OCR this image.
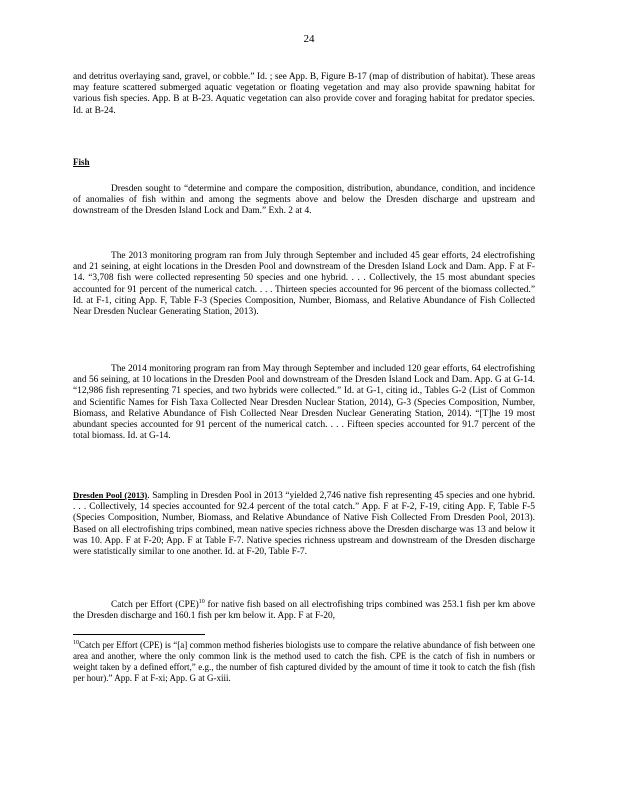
24
and detritus overlaying sand, gravel, or cobble.” Id. ; see App. B, Figure B-17 (map of distribution of habitat). These areas may feature scattered submerged aquatic vegetation or floating vegetation and may also provide spawning habitat for various fish species. App. B at B-23. Aquatic vegetation can also provide cover and foraging habitat for predator species. Id. at B-24.
Fish
Dresden sought to “determine and compare the composition, distribution, abundance, condition, and incidence of anomalies of fish within and among the segments above and below the Dresden discharge and upstream and downstream of the Dresden Island Lock and Dam.” Exh. 2 at 4.
The 2013 monitoring program ran from July through September and included 45 gear efforts, 24 electrofishing and 21 seining, at eight locations in the Dresden Pool and downstream of the Dresden Island Lock and Dam. App. F at F-14. “3,708 fish were collected representing 50 species and one hybrid. . . . Collectively, the 15 most abundant species accounted for 91 percent of the numerical catch. . . . Thirteen species accounted for 96 percent of the biomass collected.” Id. at F-1, citing App. F, Table F-3 (Species Composition, Number, Biomass, and Relative Abundance of Fish Collected Near Dresden Nuclear Generating Station, 2013).
The 2014 monitoring program ran from May through September and included 120 gear efforts, 64 electrofishing and 56 seining, at 10 locations in the Dresden Pool and downstream of the Dresden Island Lock and Dam. App. G at G-14. “12,986 fish representing 71 species, and two hybrids were collected.” Id. at G-1, citing id., Tables G-2 (List of Common and Scientific Names for Fish Taxa Collected Near Dresden Nuclear Station, 2014), G-3 (Species Composition, Number, Biomass, and Relative Abundance of Fish Collected Near Dresden Nuclear Generating Station, 2014). “[T]he 19 most abundant species accounted for 91 percent of the numerical catch. . . . Fifteen species accounted for 91.7 percent of the total biomass. Id. at G-14.
Dresden Pool (2013). Sampling in Dresden Pool in 2013 “yielded 2,746 native fish representing 45 species and one hybrid. . . . Collectively, 14 species accounted for 92.4 percent of the total catch.” App. F at F-2, F-19, citing App. F, Table F-5 (Species Composition, Number, Biomass, and Relative Abundance of Native Fish Collected From Dresden Pool, 2013). Based on all electrofishing trips combined, mean native species richness above the Dresden discharge was 13 and below it was 10. App. F at F-20; App. F at Table F-7. Native species richness upstream and downstream of the Dresden discharge were statistically similar to one another. Id. at F-20, Table F-7.
Catch per Effort (CPE)$^{10}$ for native fish based on all electrofishing trips combined was 253.1 fish per km above the Dresden discharge and 160.1 fish per km below it. App. F at F-20,
$^{10}$Catch per Effort (CPE) is “[a] common method fisheries biologists use to compare the relative abundance of fish between one area and another, where the only common link is the method used to catch the fish. CPE is the catch of fish in numbers or weight taken by a defined effort,” e.g., the number of fish captured divided by the amount of time it took to catch the fish (fish per hour).” App. F at F-xi; App. G at G-xiii.
